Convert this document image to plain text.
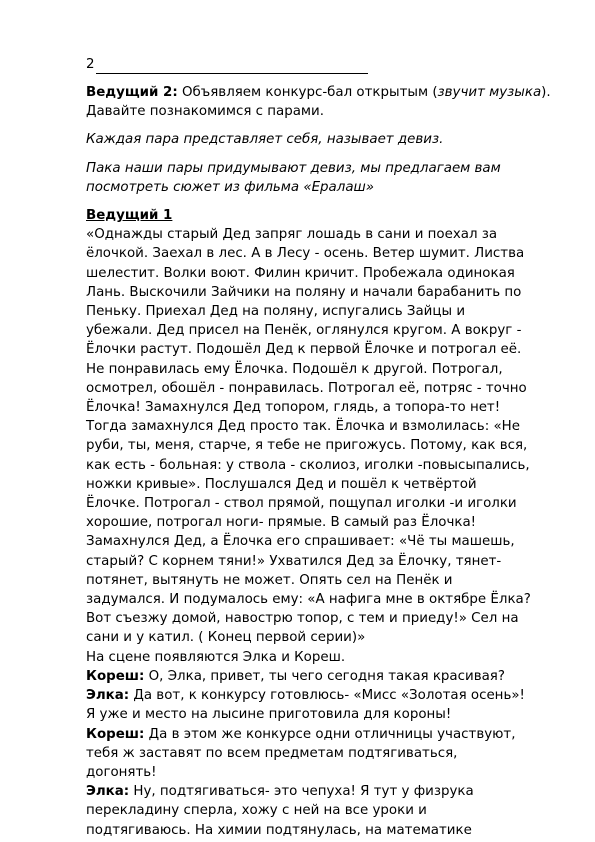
2

Ведущий 2: Объявляем конкурс-бал открытым (звучит музыка). Давайте познакомимся с парами.

Каждая пара представляет себя, называет девиз.

Пака наши пары придумывают девиз, мы предлагаем вам посмотреть сюжет из фильма «Ералаш»

Ведущий 1

«Однажды старый Дед запряг лошадь в сани и поехал за
ёлочкой. Заехал в лес. А в Лесу - осень. Ветер шумит. Листва
шелестит. Волки воют. Филин кричит. Пробежала одинокая
Лань. Выскочили Зайчики на поляну и начали барабанить по
Пеньку. Приехал Дед на поляну, испугались Зайцы и
убежали. Дед присел на Пенёк, оглянулся кругом. А вокруг -
Ёлочки растут. Подошёл Дед к первой Ёлочке и потрогал её.
Не понравилась ему Ёлочка. Подошёл к другой. Потрогал,
осмотрел, обошёл - понравилась. Потрогал её, потряс - точно
Ёлочка! Замахнулся Дед топором, глядь, а топора-то нет!
Тогда замахнулся Дед просто так. Ёлочка и взмолилась: «Не
руби, ты, меня, старче, я тебе не пригожусь. Потому, как вся,
как есть - больная: у ствола - сколиоз, иголки -повысыпались,
ножки кривые». Послушался Дед и пошёл к четвёртой
Ёлочке. Потрогал - ствол прямой, пощупал иголки -и иголки
хорошие, потрогал ноги- прямые. В самый раз Ёлочка!
Замахнулся Дед, а Ёлочка его спрашивает: «Чё ты машешь,
старый? С корнем тяни!» Ухватился Дед за Ёлочку, тянет-
потянет, вытянуть не может. Опять сел на Пенёк и
задумался. И подумалось ему: «А нафига мне в октябре Ёлка?
Вот съезжу домой, навострю топор, с тем и приеду!» Сел на
сани и у катил. ( Конец первой серии)»

На сцене появляются Элка и Кореш.

Кореш: О, Элка, привет, ты чего сегодня такая красивая?

Элка: Да вот, к конкурсу готовлюсь- «Мисс «Золотая осень»!
Я уже и место на лысине приготовила для короны!

Кореш: Да в этом же конкурсе одни отличницы участвуют,
тебя ж заставят по всем предметам подтягиваться,
догонять!

Элка: Ну, подтягиваться- это чепуха! Я тут у физрука
перекладину сперла, хожу с ней на все уроки и
подтягиваюсь. На химии подтянулась, на математике
